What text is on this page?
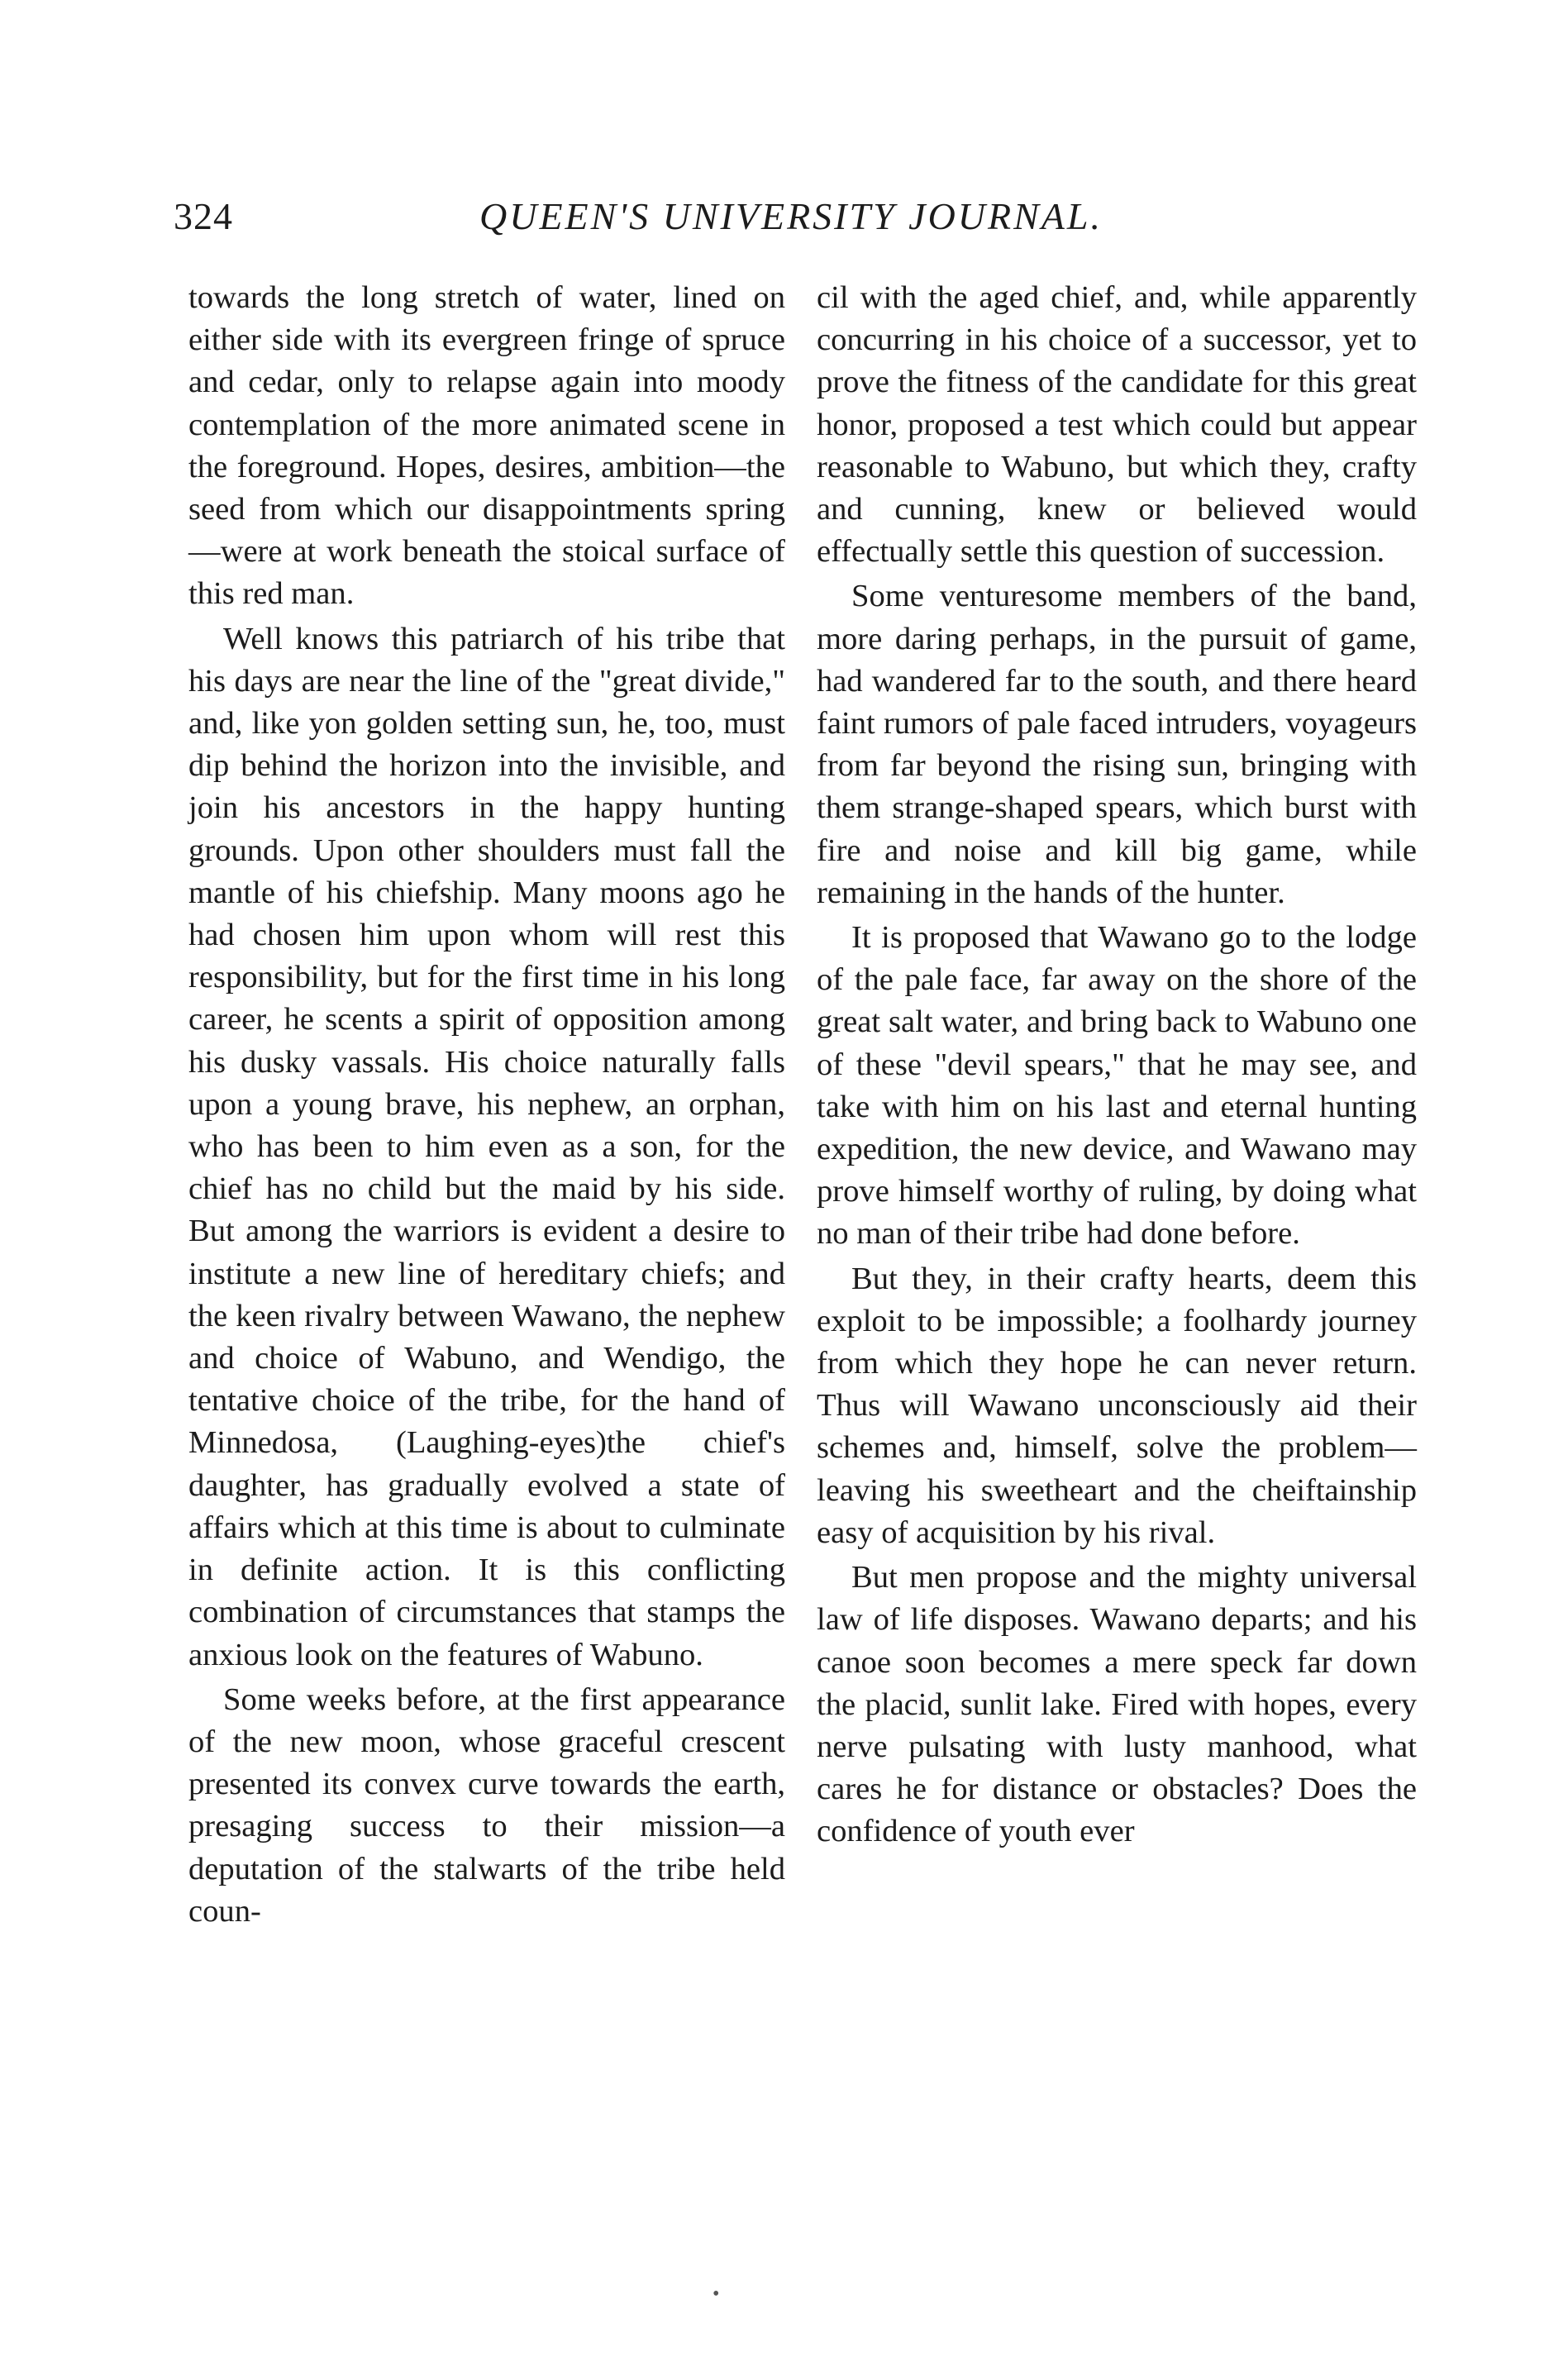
324	QUEEN'S UNIVERSITY JOURNAL.

towards the long stretch of water, lined on either side with its evergreen fringe of spruce and cedar, only to relapse again into moody contemplation of the more animated scene in the foreground. Hopes, desires, ambition—the seed from which our disappointments spring—were at work beneath the stoical surface of this red man.

Well knows this patriarch of his tribe that his days are near the line of the "great divide," and, like yon golden setting sun, he, too, must dip behind the horizon into the invisible, and join his ancestors in the happy hunting grounds. Upon other shoulders must fall the mantle of his chiefship. Many moons ago he had chosen him upon whom will rest this responsibility, but for the first time in his long career, he scents a spirit of opposition among his dusky vassals. His choice naturally falls upon a young brave, his nephew, an orphan, who has been to him even as a son, for the chief has no child but the maid by his side. But among the warriors is evident a desire to institute a new line of hereditary chiefs; and the keen rivalry between Wawano, the nephew and choice of Wabuno, and Wendigo, the tentative choice of the tribe, for the hand of Minnedosa, (Laughing-eyes)the chief's daughter, has gradually evolved a state of affairs which at this time is about to culminate in definite action. It is this conflicting combination of circumstances that stamps the anxious look on the features of Wabuno.

Some weeks before, at the first appearance of the new moon, whose graceful crescent presented its convex curve towards the earth, presaging success to their mission—a deputation of the stalwarts of the tribe held coun-

cil with the aged chief, and, while apparently concurring in his choice of a successor, yet to prove the fitness of the candidate for this great honor, proposed a test which could but appear reasonable to Wabuno, but which they, crafty and cunning, knew or believed would effectually settle this question of succession.

Some venturesome members of the band, more daring perhaps, in the pursuit of game, had wandered far to the south, and there heard faint rumors of pale faced intruders, voyageurs from far beyond the rising sun, bringing with them strange-shaped spears, which burst with fire and noise and kill big game, while remaining in the hands of the hunter.

It is proposed that Wawano go to the lodge of the pale face, far away on the shore of the great salt water, and bring back to Wabuno one of these "devil spears," that he may see, and take with him on his last and eternal hunting expedition, the new device, and Wawano may prove himself worthy of ruling, by doing what no man of their tribe had done before.

But they, in their crafty hearts, deem this exploit to be impossible; a foolhardy journey from which they hope he can never return. Thus will Wawano unconsciously aid their schemes and, himself, solve the problem—leaving his sweetheart and the cheiftainship easy of acquisition by his rival.

But men propose and the mighty universal law of life disposes. Wawano departs; and his canoe soon becomes a mere speck far down the placid, sunlit lake. Fired with hopes, every nerve pulsating with lusty manhood, what cares he for distance or obstacles? Does the confidence of youth ever

•
